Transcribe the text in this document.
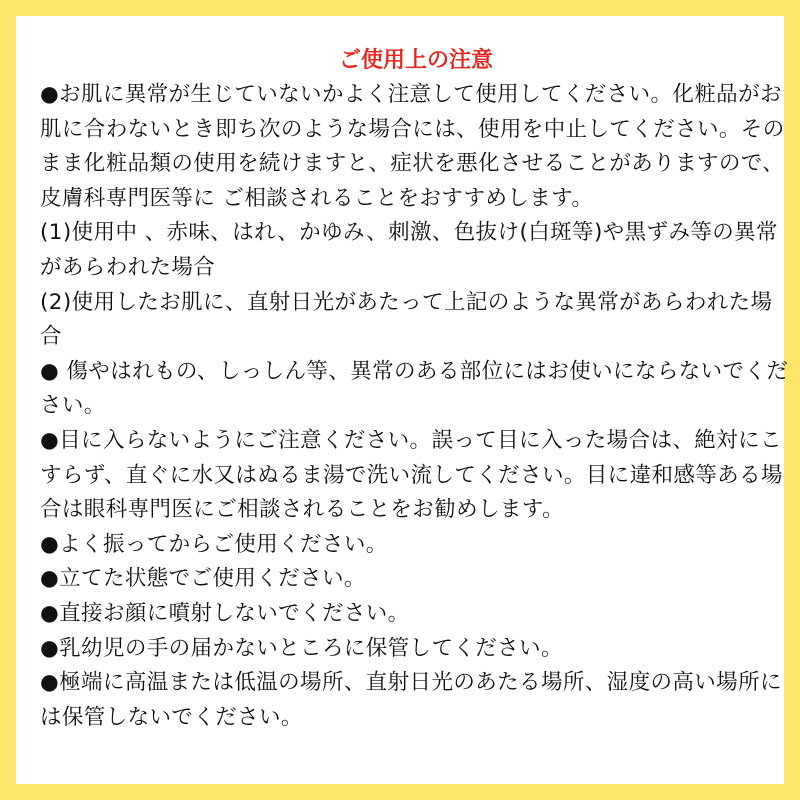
ご使用上の注意

●お肌に異常が生じていないかよく注意して使用してください。化粧品がお肌に合わないとき即ち次のような場合には、使用を中止してください。そのまま化粧品類の使用を続けますと、症状を悪化させることがありますので、皮膚科専門医等に ご相談されることをおすすめします。

(1)使用中 、赤味、はれ、かゆみ、刺激、色抜け(白斑等)や黒ずみ等の異常があらわれた場合

(2)使用したお肌に、直射日光があたって上記のような異常があらわれた場合

● 傷やはれもの、しっしん等、異常のある部位にはお使いにならないでください。

●目に入らないようにご注意ください。誤って目に入った場合は、絶対にこすらず、直ぐに水又はぬるま湯で洗い流してください。目に違和感等ある場合は眼科専門医にご相談されることをお勧めします。

●よく振ってからご使用ください。

●立てた状態でご使用ください。

●直接お顔に噴射しないでください。

●乳幼児の手の届かないところに保管してください。

●極端に高温または低温の場所、直射日光のあたる場所、湿度の高い場所には保管しないでください。
